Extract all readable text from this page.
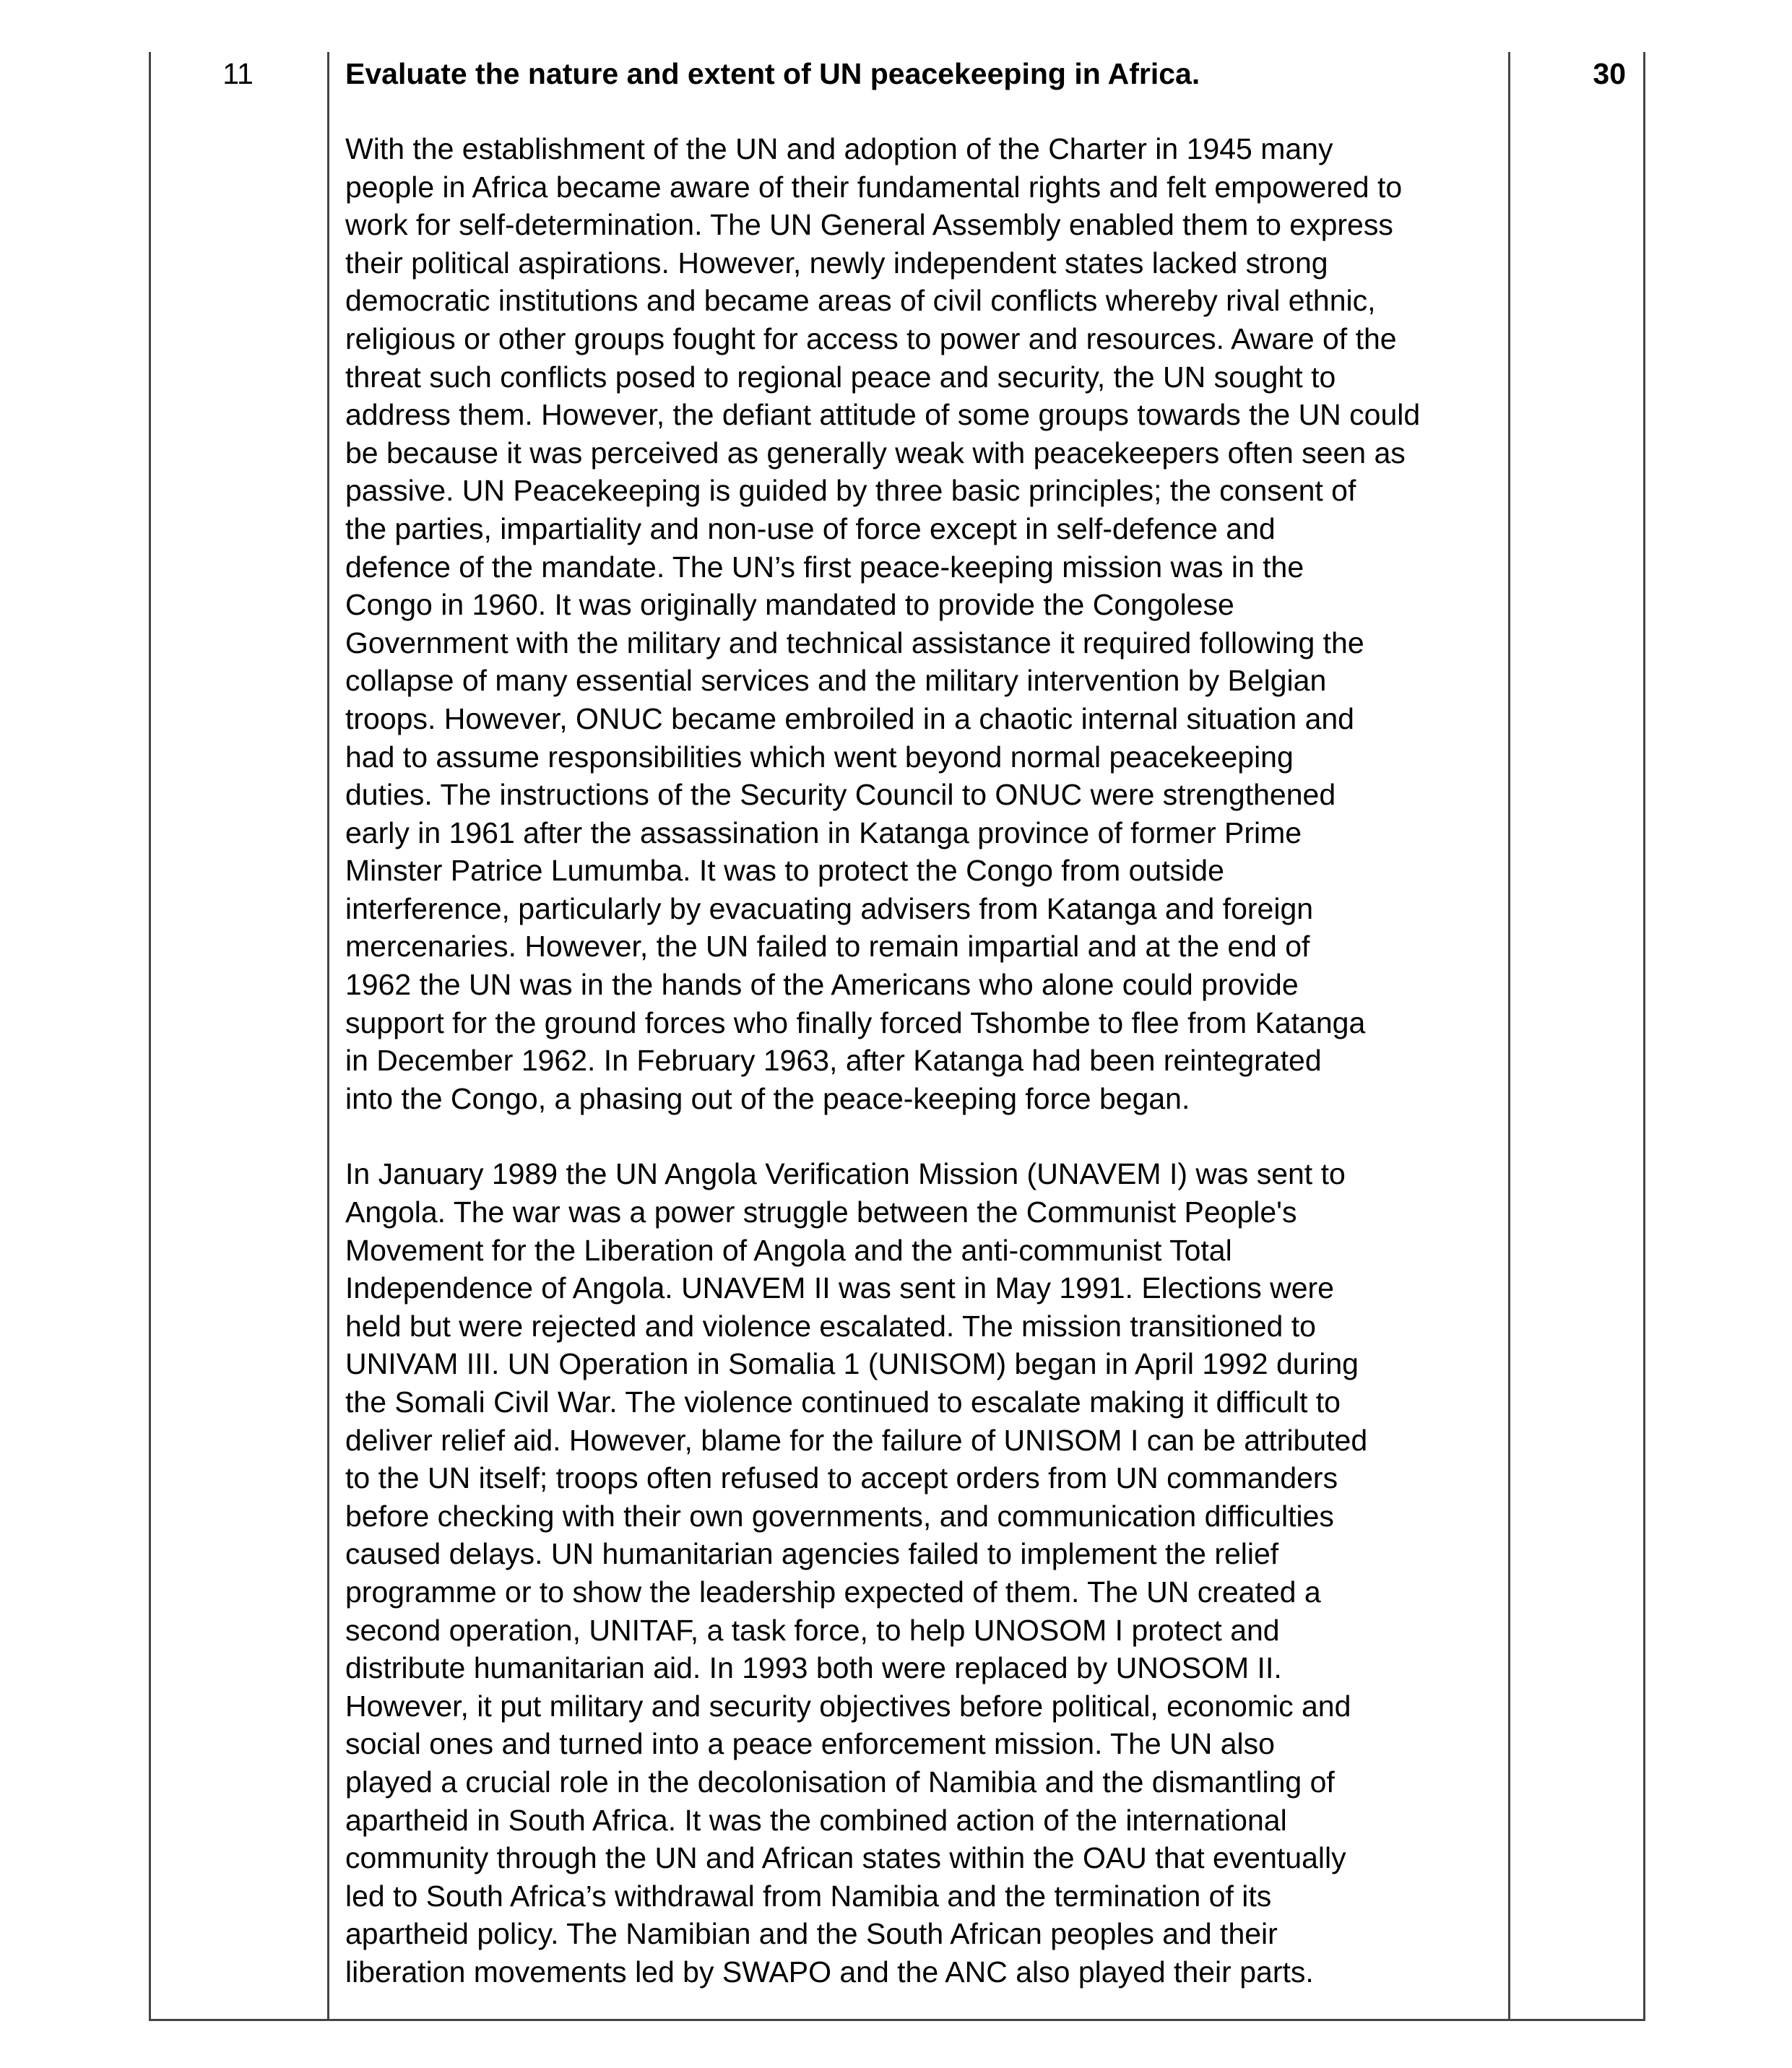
11	Evaluate the nature and extent of UN peacekeeping in Africa.
With the establishment of the UN and adoption of the Charter in 1945 many
people in Africa became aware of their fundamental rights and felt empowered to
work for self-determination. The UN General Assembly enabled them to express
their political aspirations. However, newly independent states lacked strong
democratic institutions and became areas of civil conflicts whereby rival ethnic,
religious or other groups fought for access to power and resources. Aware of the
threat such conflicts posed to regional peace and security, the UN sought to
address them. However, the defiant attitude of some groups towards the UN could
be because it was perceived as generally weak with peacekeepers often seen as
passive. UN Peacekeeping is guided by three basic principles; the consent of
the parties, impartiality and non-use of force except in self-defence and
defence of the mandate. The UN’s first peace-keeping mission was in the
Congo in 1960. It was originally mandated to provide the Congolese
Government with the military and technical assistance it required following the
collapse of many essential services and the military intervention by Belgian
troops. However, ONUC became embroiled in a chaotic internal situation and
had to assume responsibilities which went beyond normal peacekeeping
duties. The instructions of the Security Council to ONUC were strengthened
early in 1961 after the assassination in Katanga province of former Prime
Minster Patrice Lumumba. It was to protect the Congo from outside
interference, particularly by evacuating advisers from Katanga and foreign
mercenaries. However, the UN failed to remain impartial and at the end of
1962 the UN was in the hands of the Americans who alone could provide
support for the ground forces who finally forced Tshombe to flee from Katanga
in December 1962. In February 1963, after Katanga had been reintegrated
into the Congo, a phasing out of the peace-keeping force began.
In January 1989 the UN Angola Verification Mission (UNAVEM I) was sent to
Angola. The war was a power struggle between the Communist People's
Movement for the Liberation of Angola and the anti-communist Total
Independence of Angola. UNAVEM II was sent in May 1991. Elections were
held but were rejected and violence escalated. The mission transitioned to
UNIVAM III. UN Operation in Somalia 1 (UNISOM) began in April 1992 during
the Somali Civil War. The violence continued to escalate making it difficult to
deliver relief aid. However, blame for the failure of UNISOM I can be attributed
to the UN itself; troops often refused to accept orders from UN commanders
before checking with their own governments, and communication difficulties
caused delays. UN humanitarian agencies failed to implement the relief
programme or to show the leadership expected of them. The UN created a
second operation, UNITAF, a task force, to help UNOSOM I protect and
distribute humanitarian aid. In 1993 both were replaced by UNOSOM II.
However, it put military and security objectives before political, economic and
social ones and turned into a peace enforcement mission. The UN also
played a crucial role in the decolonisation of Namibia and the dismantling of
apartheid in South Africa. It was the combined action of the international
community through the UN and African states within the OAU that eventually
led to South Africa’s withdrawal from Namibia and the termination of its
apartheid policy. The Namibian and the South African peoples and their
liberation movements led by SWAPO and the ANC also played their parts.
30
